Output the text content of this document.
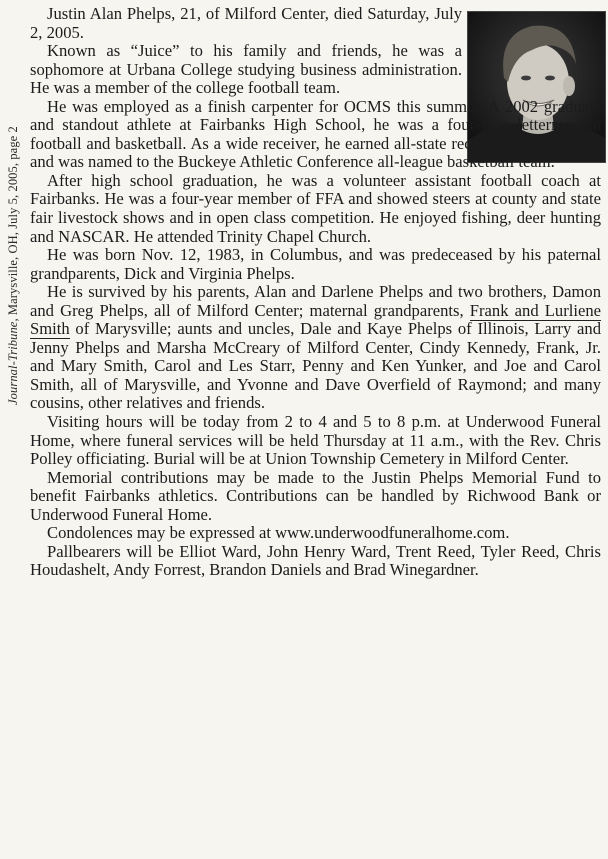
Journal-Tribune, Marysville, OH, July 5, 2005, page 2

Justin Alan Phelps, 21, of Milford Center, died Saturday, July 2, 2005.

Known as “Juice” to his family and friends, he was a sophomore at Urbana College studying business administration. He was a member of the college football team.

He was employed as a finish carpenter for OCMS this summer. A 2002 graduate and standout athlete at Fairbanks High School, he was a four-year letterman in football and basketball. As a wide receiver, he earned all-state recognition in football and was named to the Buckeye Athletic Conference all-league basketball team.

After high school graduation, he was a volunteer assistant football coach at Fairbanks. He was a four-year member of FFA and showed steers at county and state fair livestock shows and in open class competition. He enjoyed fishing, deer hunting and NASCAR. He attended Trinity Chapel Church.

He was born Nov. 12, 1983, in Columbus, and was predeceased by his paternal grandparents, Dick and Virginia Phelps.

He is survived by his parents, Alan and Darlene Phelps and two brothers, Damon and Greg Phelps, all of Milford Center; maternal grandparents, Frank and Lurliene Smith of Marysville; aunts and uncles, Dale and Kaye Phelps of Illinois, Larry and Jenny Phelps and Marsha McCreary of Milford Center, Cindy Kennedy, Frank, Jr. and Mary Smith, Carol and Les Starr, Penny and Ken Yunker, and Joe and Carol Smith, all of Marysville, and Yvonne and Dave Overfield of Raymond; and many cousins, other relatives and friends.

Visiting hours will be today from 2 to 4 and 5 to 8 p.m. at Underwood Funeral Home, where funeral services will be held Thursday at 11 a.m., with the Rev. Chris Polley officiating. Burial will be at Union Township Cemetery in Milford Center.

Memorial contributions may be made to the Justin Phelps Memorial Fund to benefit Fairbanks athletics. Contributions can be handled by Richwood Bank or Underwood Funeral Home.

Condolences may be expressed at www.underwoodfuneralhome.com.

Pallbearers will be Elliot Ward, John Henry Ward, Trent Reed, Tyler Reed, Chris Houdashelt, Andy Forrest, Brandon Daniels and Brad Winegardner.
